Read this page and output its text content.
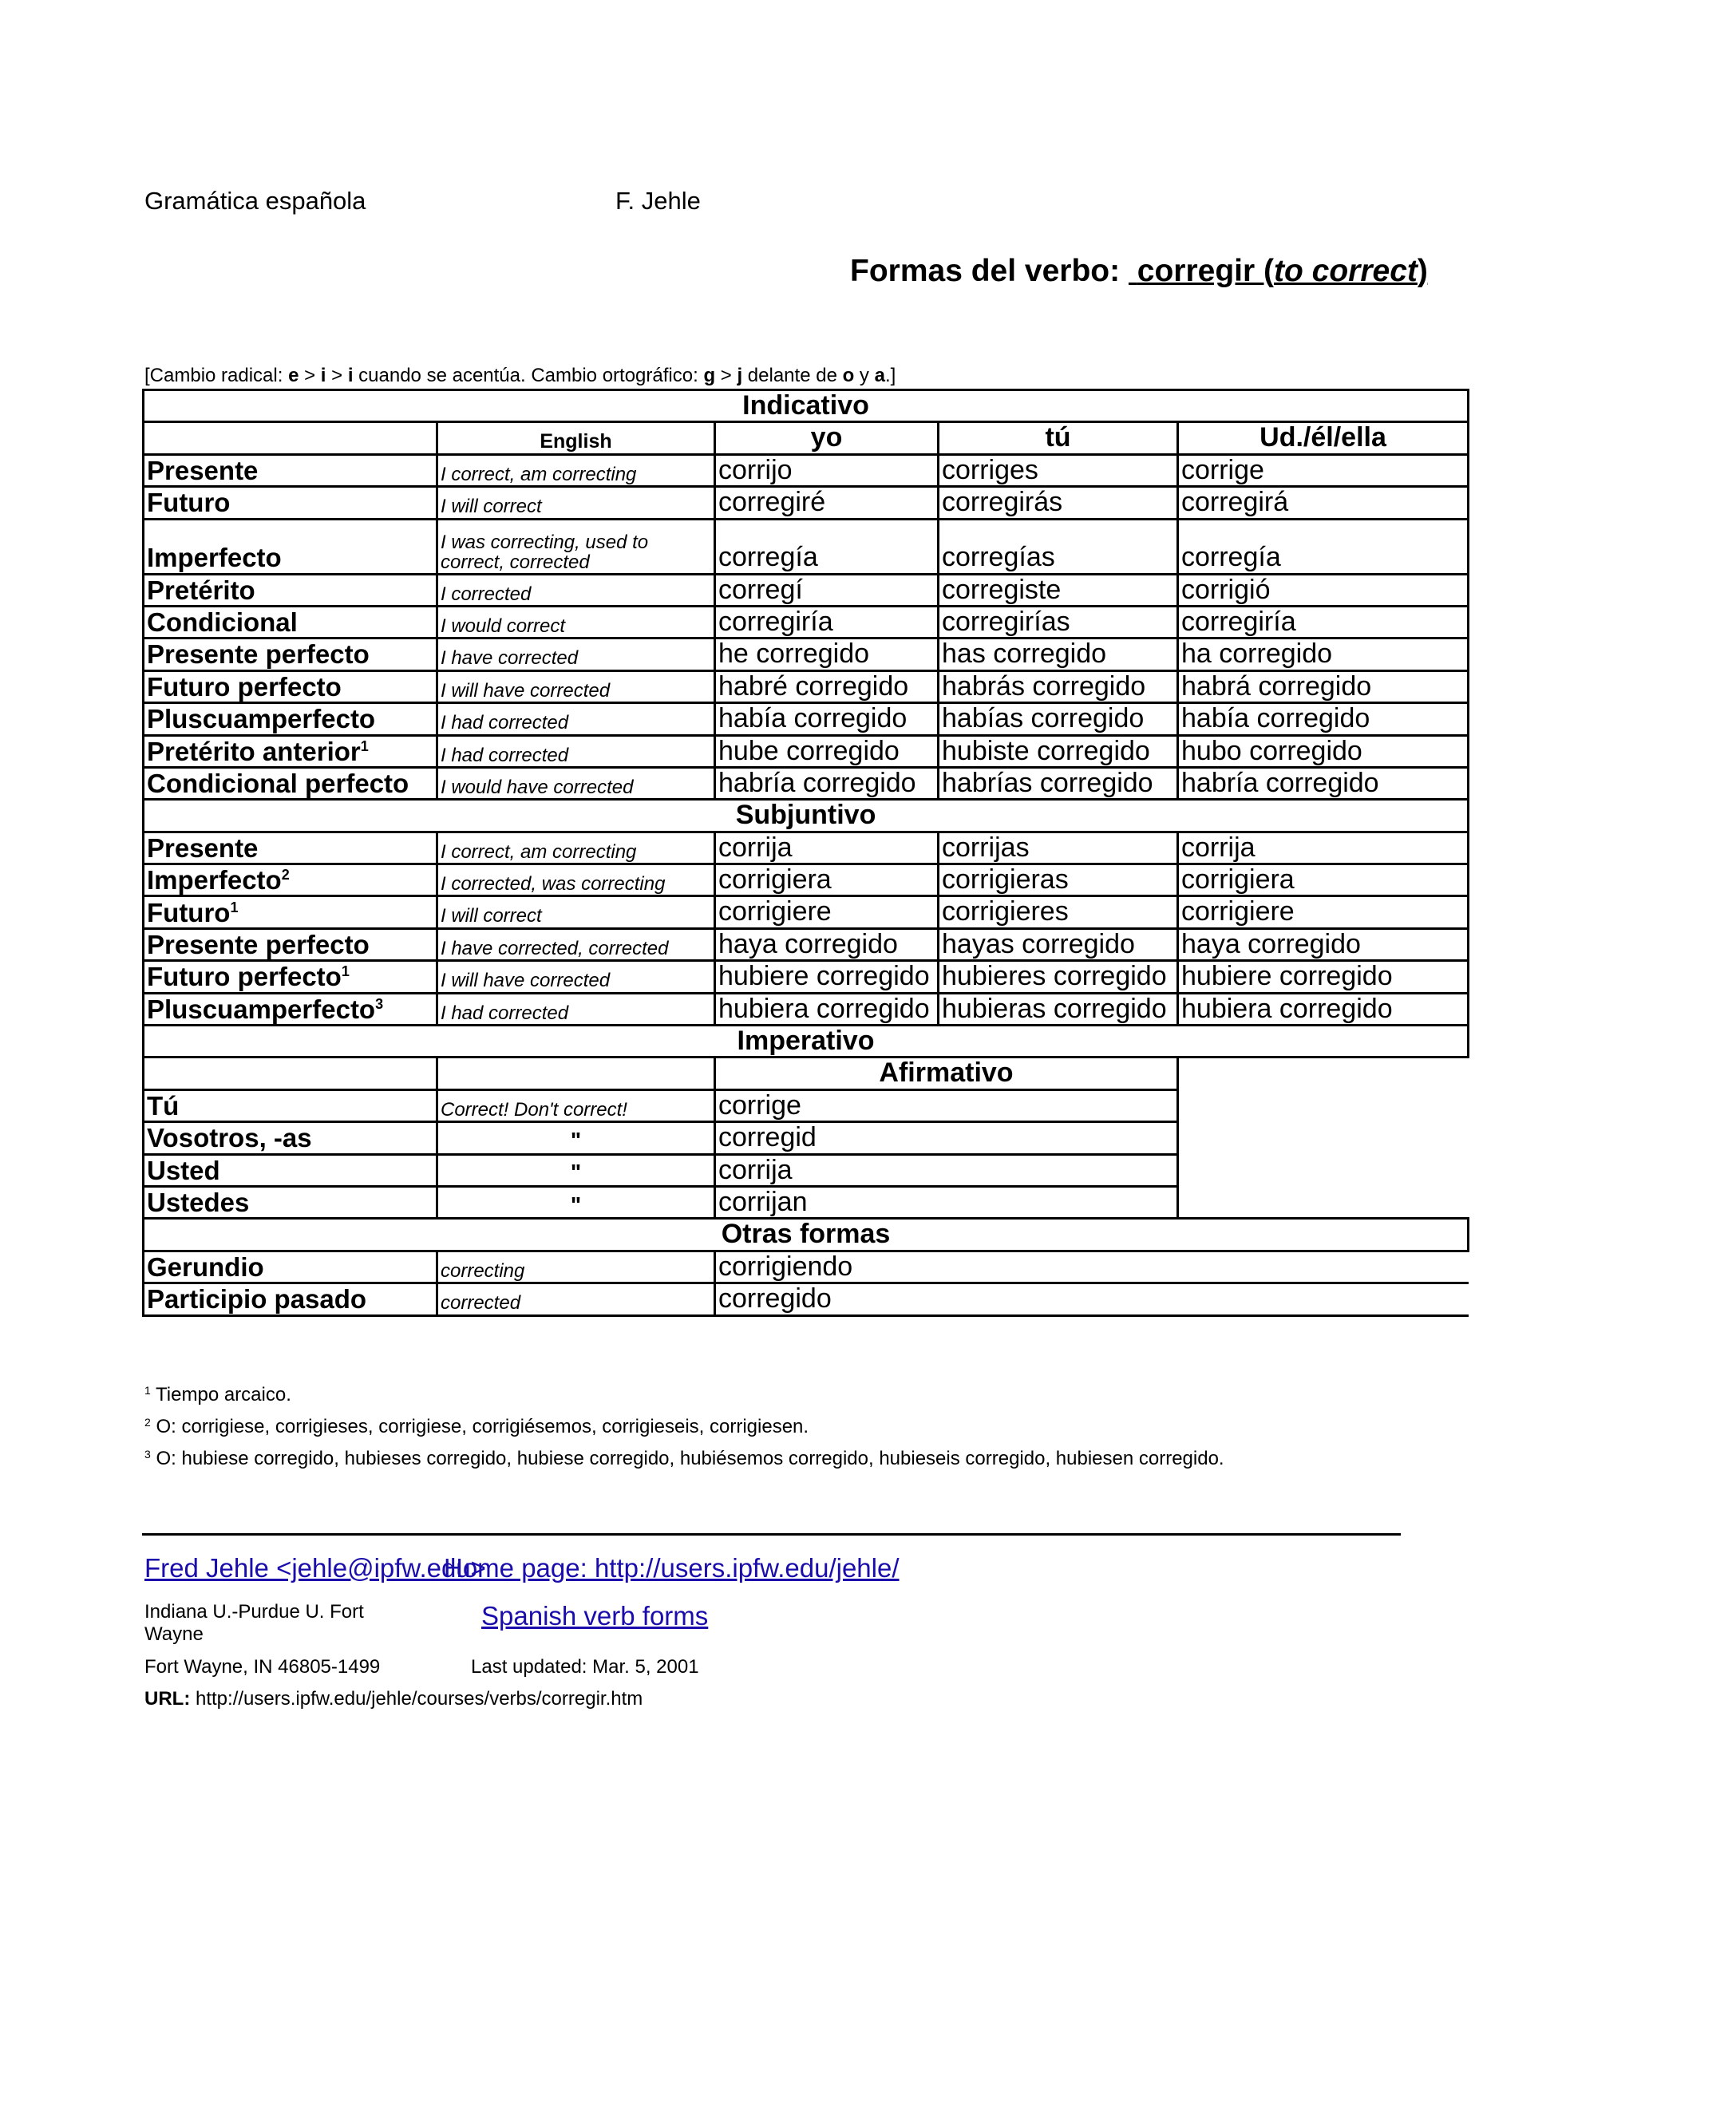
Gramática española	F. Jehle
Formas del verbo: corregir (to correct)
[Cambio radical: e > i > i cuando se acentúa. Cambio ortográfico: g > j delante de o y a.]
Indicativo				
	English	yo	tú	Ud./él/ella
Presente	I correct, am correcting	corrijo	corriges	corrige
Futuro	I will correct	corregiré	corregirás	corregirá
Imperfecto	I was correcting, used to correct, corrected	corregía	corregías	corregía
Pretérito	I corrected	corregí	corregiste	corrigió
Condicional	I would correct	corregiría	corregirías	corregiría
Presente perfecto	I have corrected	he corregido	has corregido	ha corregido
Futuro perfecto	I will have corrected	habré corregido	habrás corregido	habrá corregido
Pluscuamperfecto	I had corrected	había corregido	habías corregido	había corregido
Pretérito anterior$^1$	I had corrected	hube corregido	hubiste corregido	hubo corregido
Condicional perfecto	I would have corrected	habría corregido	habrías corregido	habría corregido
Subjuntivo				
Presente	I correct, am correcting	corrija	corrijas	corrija
Imperfecto$^2$	I corrected, was correcting	corrigiera	corrigieras	corrigiera
Futuro$^1$	I will correct	corrigiere	corrigieres	corrigiere
Presente perfecto	I have corrected, corrected	haya corregido	hayas corregido	haya corregido
Futuro perfecto$^1$	I will have corrected	hubiere corregido	hubieres corregido	hubiere corregido
Pluscuamperfecto$^3$	I had corrected	hubiera corregido	hubieras corregido	hubiera corregido
Imperativo				
		Afirmativo		
Tú	Correct! Don't correct!	corrige		
Vosotros, -as	"	corregid		
Usted	"	corrija		
Ustedes	"	corrijan		
Otras formas				
Gerundio	correcting	corrigiendo		
Participio pasado	corrected	corregido		
$^1$ Tiempo arcaico.
$^2$ O: corrigiese, corrigieses, corrigiese, corrigiésemos, corrigieseis, corrigiesen.
$^3$ O: hubiese corregido, hubieses corregido, hubiese corregido, hubiésemos corregido, hubieseis corregido, hubiesen corregido.
Fred Jehle <jehle@ipfw.edu>
Home page: http://users.ipfw.edu/jehle/
Indiana U.-Purdue U. Fort Wayne
Spanish verb forms
Fort Wayne, IN 46805-1499	Last updated: Mar. 5, 2001
URL: http://users.ipfw.edu/jehle/courses/verbs/corregir.htm
